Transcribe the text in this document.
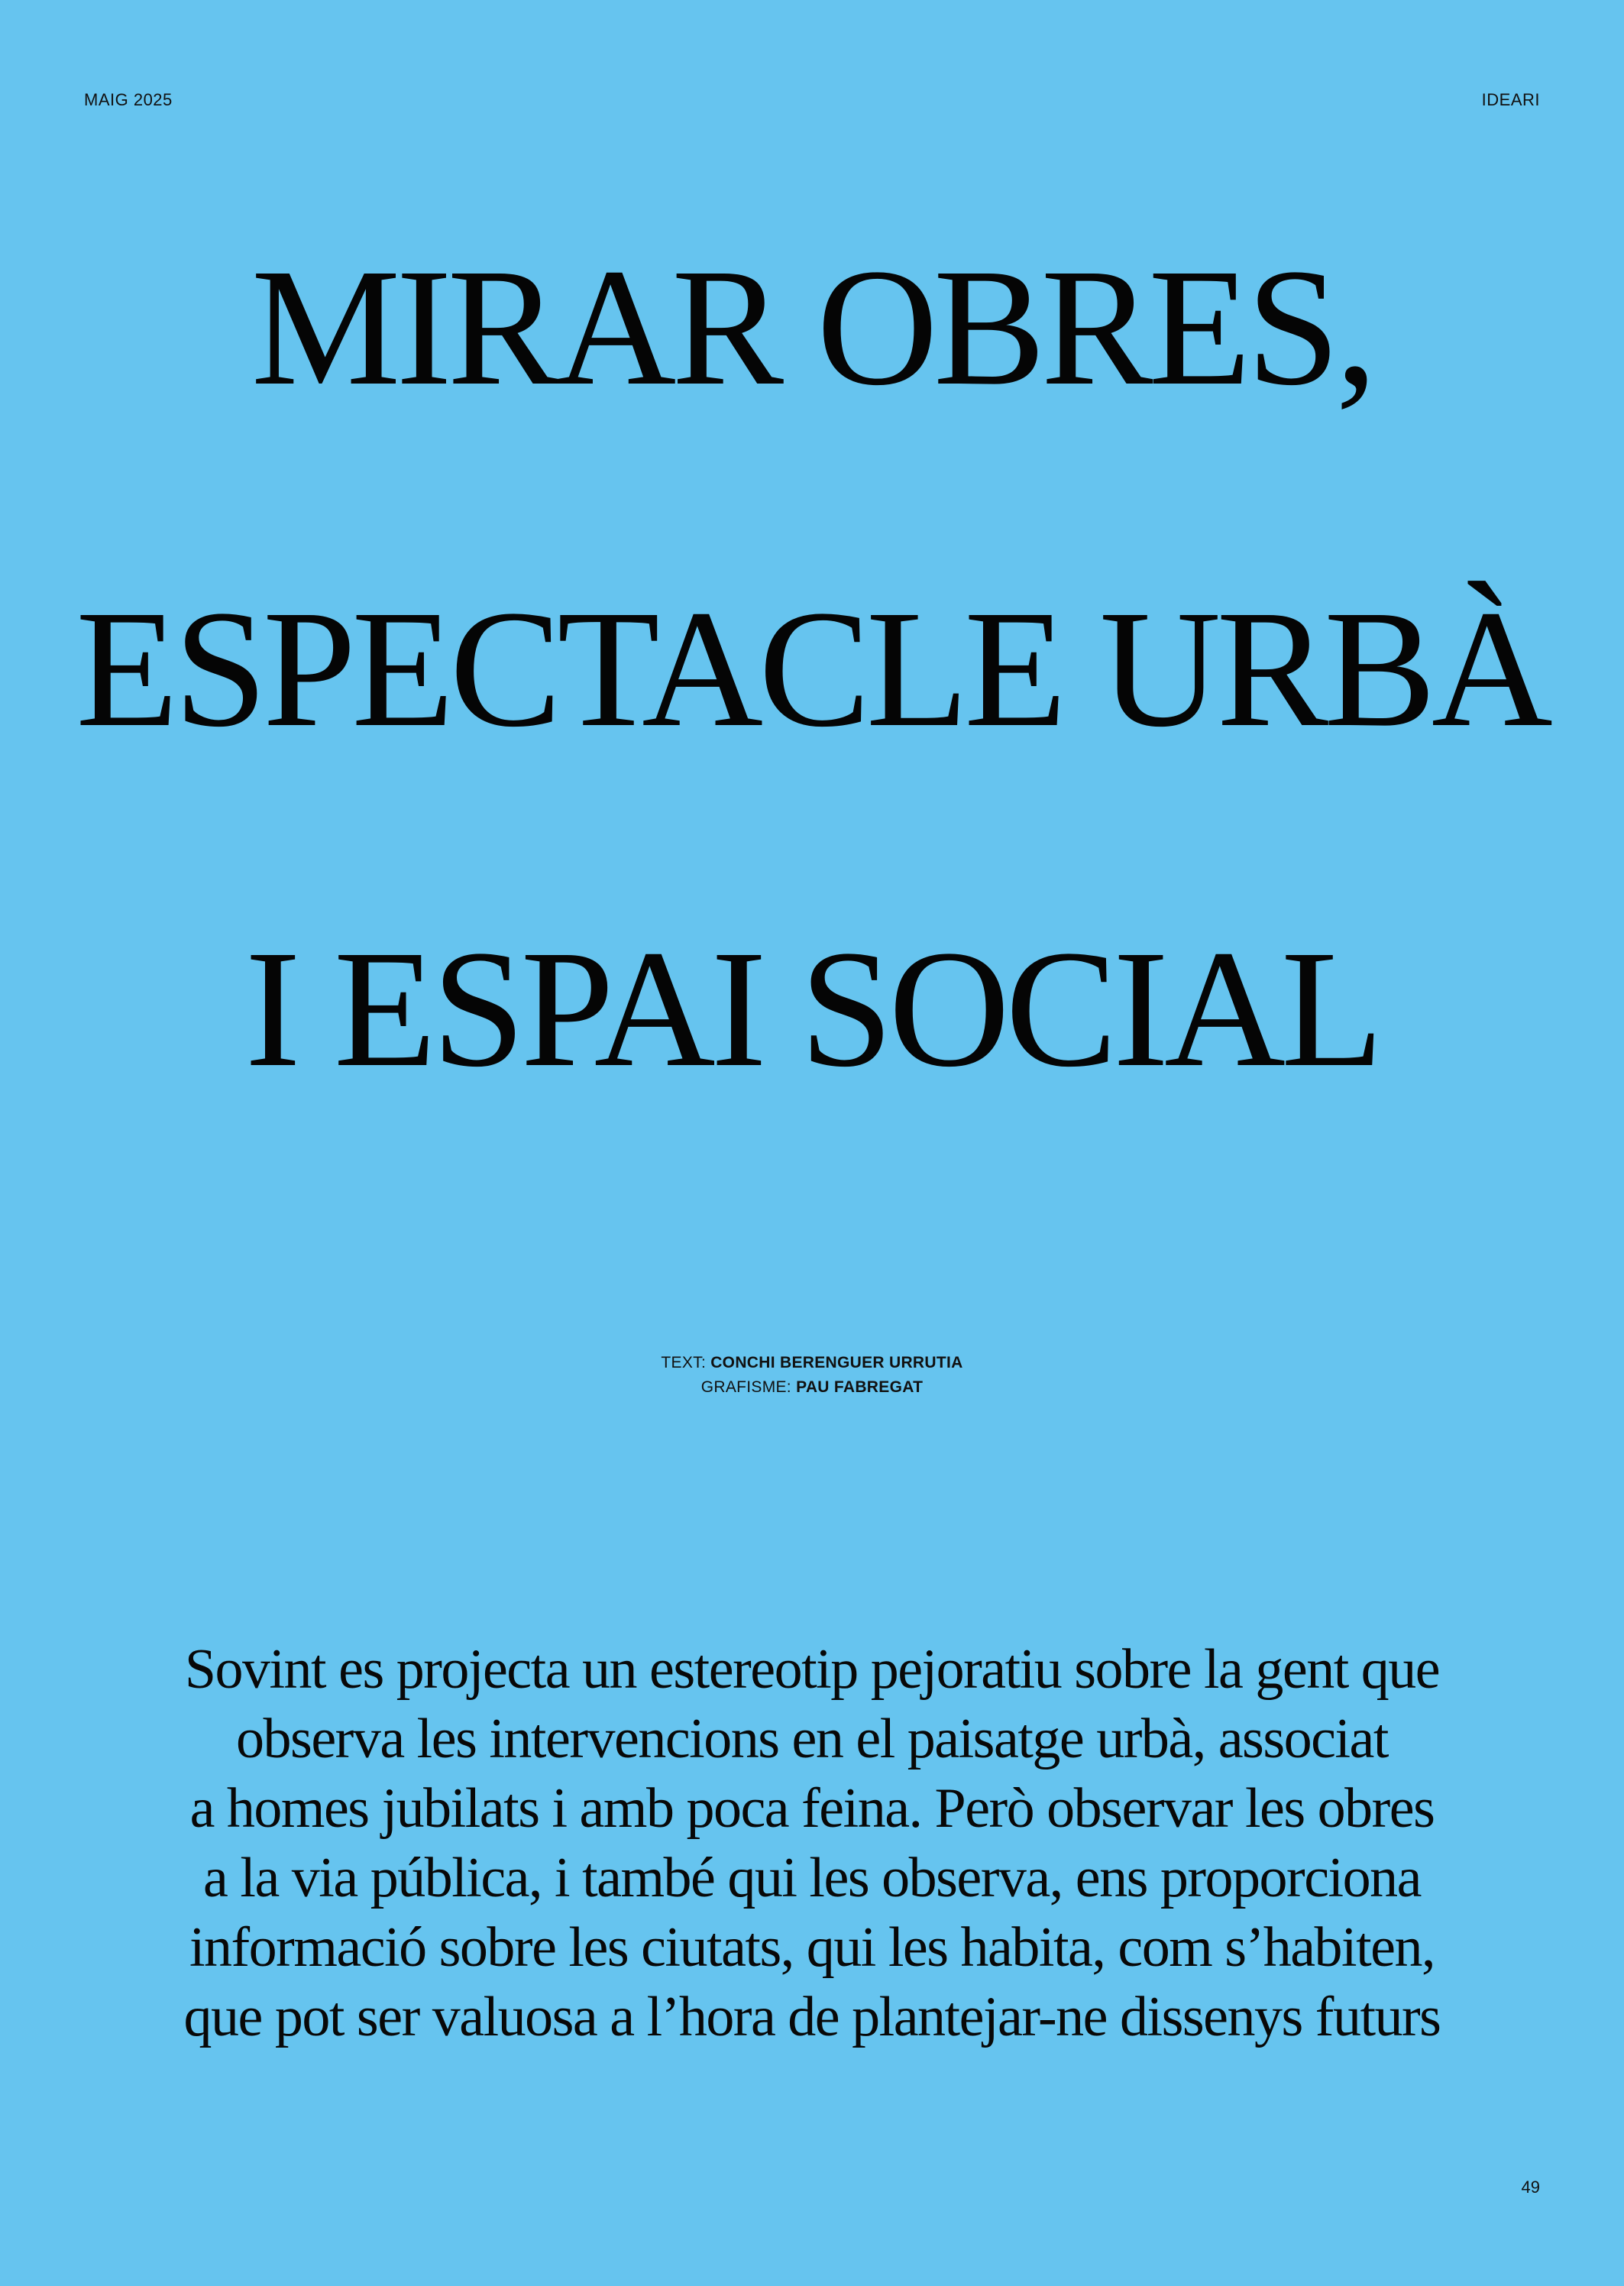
MAIG 2025	IDEARI
MIRAR OBRES,
ESPECTACLE URBÀ
I ESPAI SOCIAL
TEXT: CONCHI BERENGUER URRUTIA
GRAFISME: PAU FABREGAT
Sovint es projecta un estereotip pejoratiu sobre la gent que
observa les intervencions en el paisatge urbà, associat
a homes jubilats i amb poca feina. Però observar les obres
a la via pública, i també qui les observa, ens proporciona
informació sobre les ciutats, qui les habita, com s’habiten,
que pot ser valuosa a l’hora de plantejar-ne dissenys futurs
49
